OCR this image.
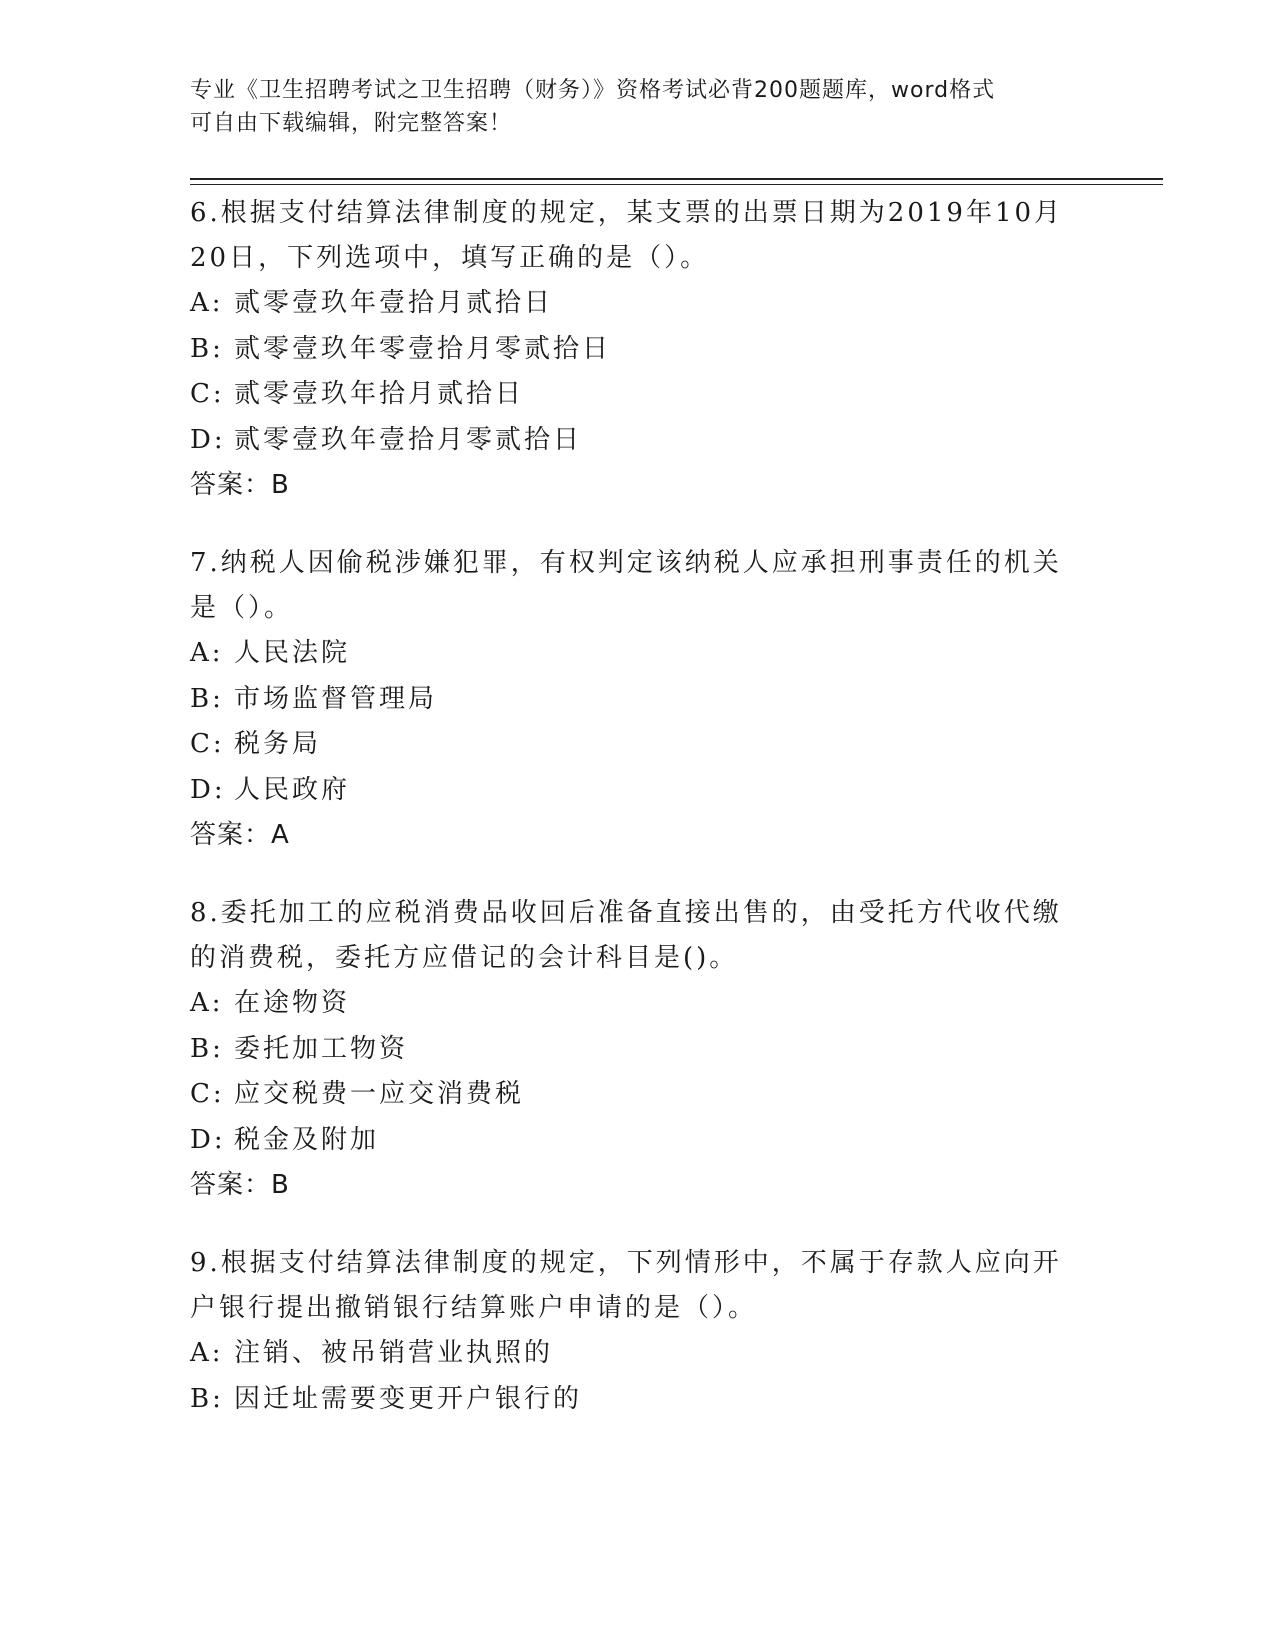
专业《卫生招聘考试之卫生招聘（财务）》资格考试必背200题题库，word格式
可自由下载编辑，附完整答案！

6.根据支付结算法律制度的规定，某支票的出票日期为2019年10月20日，下列选项中，填写正确的是（）。

A: 贰零壹玖年壹拾月贰拾日

B: 贰零壹玖年零壹拾月零贰拾日

C: 贰零壹玖年拾月贰拾日

D: 贰零壹玖年壹拾月零贰拾日

答案：B

7.纳税人因偷税涉嫌犯罪，有权判定该纳税人应承担刑事责任的机关是（）。

A: 人民法院

B: 市场监督管理局

C: 税务局

D: 人民政府

答案：A

8.委托加工的应税消费品收回后准备直接出售的，由受托方代收代缴的消费税，委托方应借记的会计科目是()。

A: 在途物资

B: 委托加工物资

C: 应交税费一应交消费税

D: 税金及附加

答案：B

9.根据支付结算法律制度的规定，下列情形中，不属于存款人应向开户银行提出撤销银行结算账户申请的是（）。

A: 注销、被吊销营业执照的

B: 因迁址需要变更开户银行的
